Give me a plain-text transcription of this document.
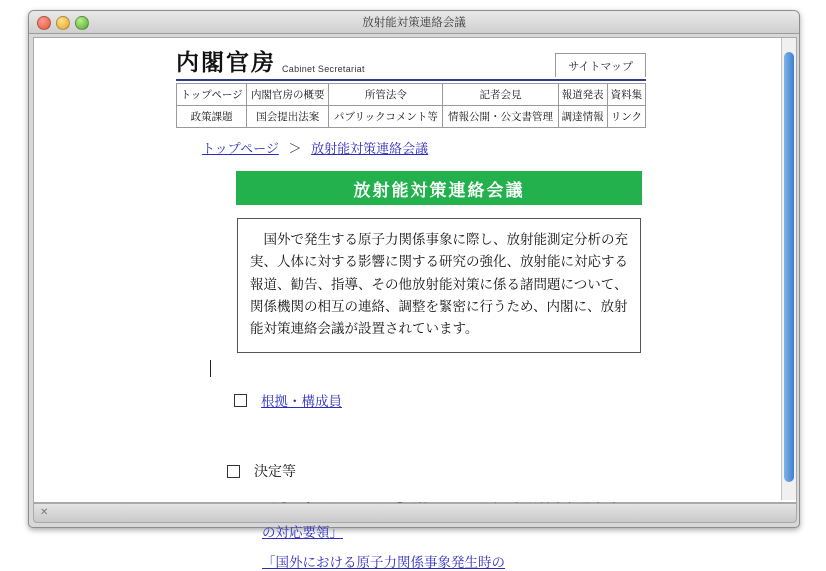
放射能対策連絡会議
内閣官房 Cabinet Secretariat	サイトマップ
トップページ	内閣官房の概要	所管法令	記者会見	報道発表	資料集
政策課題	国会提出法案	パブリックコメント等	情報公開・公文書管理	調達情報	リンク
トップページ ＞ 放射能対策連絡会議
放射能対策連絡会議

国外で発生する原子力関係事象に際し、放射能測定分析の充実、人体に対する影響に関する研究の強化、放射能に対応する報道、勧告、指導、その他放射能対策に係る諸問題について、関係機関の相互の連絡、調整を緊密に行うため、内閣に、放射能対策連絡会議が設置されています。

根拠・構成員
決定等

の対応要領」
「国外における原子力関係事象発生時の
✕
